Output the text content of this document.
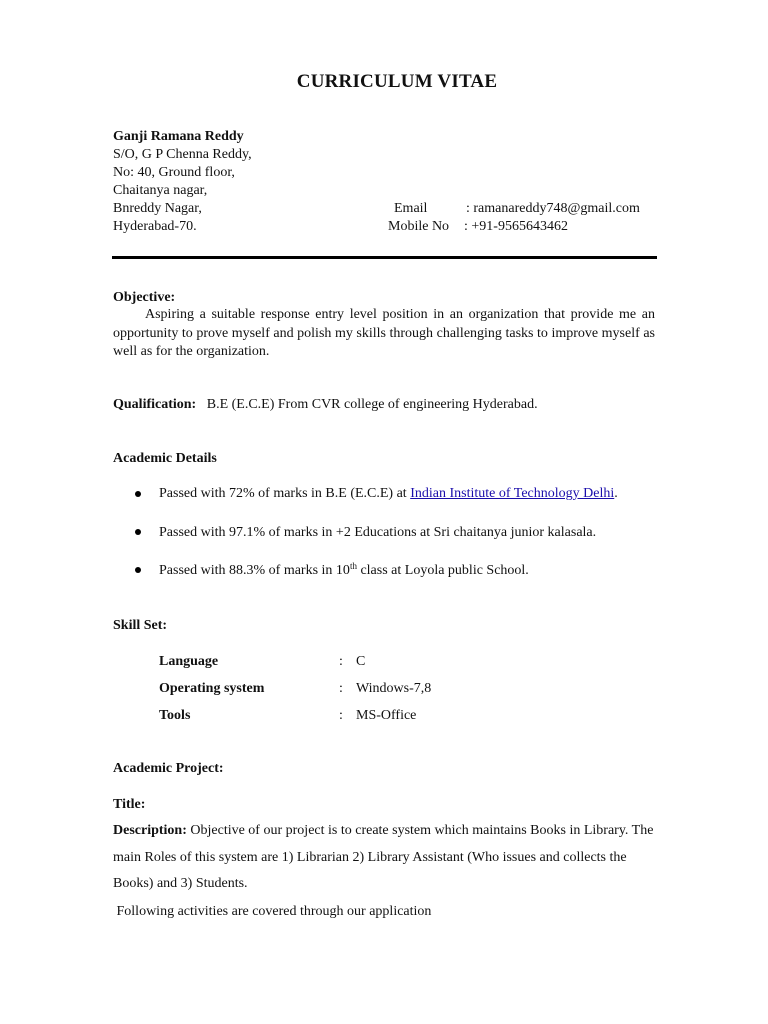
CURRICULUM VITAE
Ganji Ramana Reddy
S/O, G P Chenna Reddy,
No: 40, Ground floor,
Chaitanya nagar,
Bnreddy Nagar,
Hyderabad-70.
Email	: ramanareddy748@gmail.com
Mobile No : +91-9565643462
Objective:
Aspiring a suitable response entry level position in an organization that provide me an opportunity to prove myself and polish my skills through challenging tasks to improve myself as well as for the organization.
Qualification: B.E (E.C.E) From CVR college of engineering Hyderabad.
Academic Details
Passed with 72% of marks in B.E (E.C.E) at Indian Institute of Technology Delhi.
Passed with 97.1% of marks in +2 Educations at Sri chaitanya junior kalasala.
Passed with 88.3% of marks in 10th class at Loyola public School.
Skill Set:
Language	: C
Operating system	: Windows-7,8
Tools	: MS-Office
Academic Project:
Title:
Description: Objective of our project is to create system which maintains Books in Library. The main Roles of this system are 1) Librarian 2) Library Assistant (Who issues and collects the Books) and 3) Students.
Following activities are covered through our application
